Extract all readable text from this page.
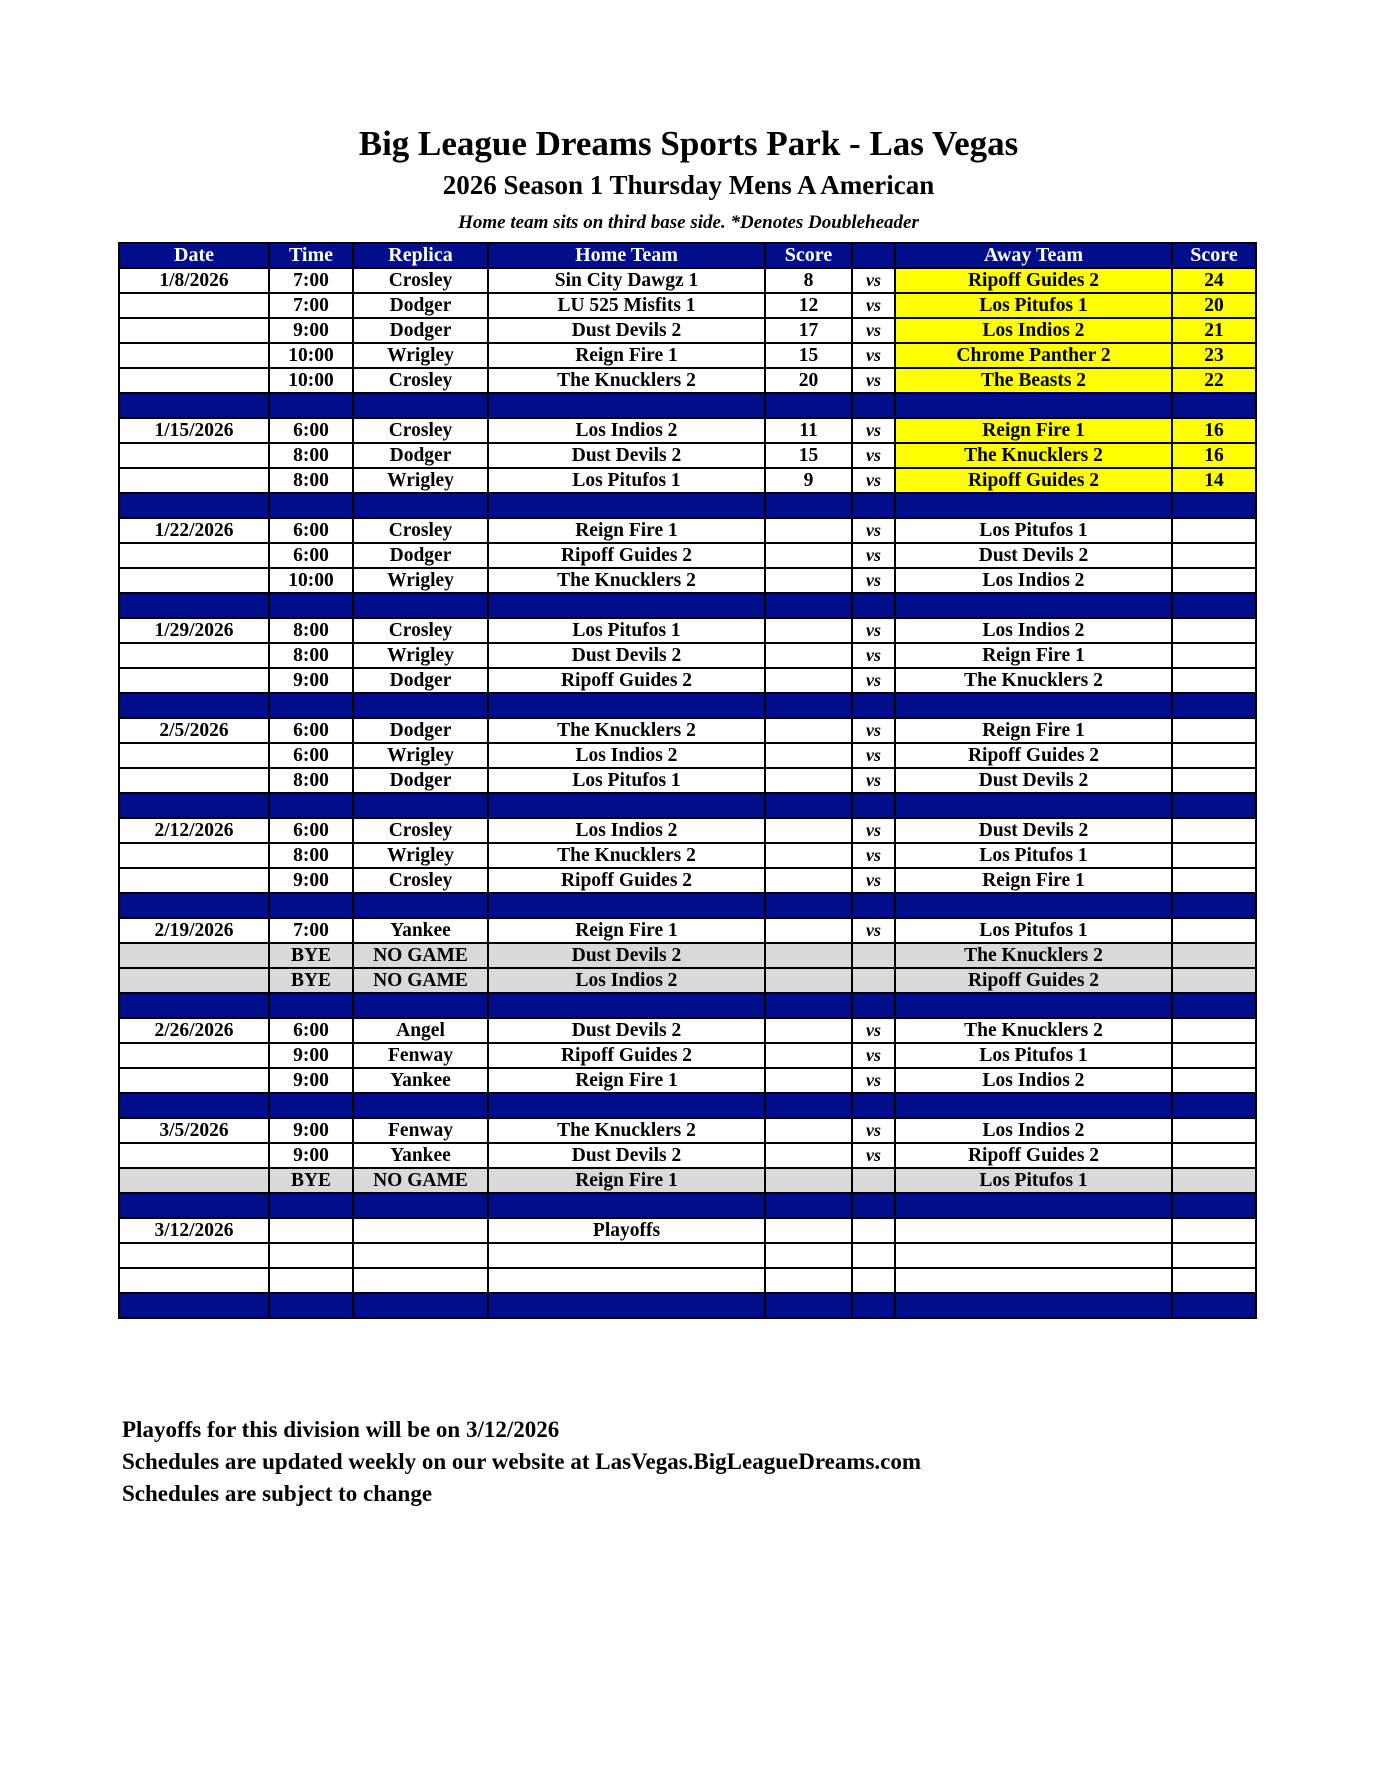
Big League Dreams Sports Park - Las Vegas
2026 Season 1 Thursday Mens A American
Home team sits on third base side. *Denotes Doubleheader
Date	Time	Replica	Home Team	Score		Away Team	Score
1/8/2026	7:00	Crosley	Sin City Dawgz 1	8	vs	Ripoff Guides 2	24
	7:00	Dodger	LU 525 Misfits 1	12	vs	Los Pitufos 1	20
	9:00	Dodger	Dust Devils 2	17	vs	Los Indios 2	21
	10:00	Wrigley	Reign Fire 1	15	vs	Chrome Panther 2	23
	10:00	Crosley	The Knucklers 2	20	vs	The Beasts 2	22

1/15/2026	6:00	Crosley	Los Indios 2	11	vs	Reign Fire 1	16
	8:00	Dodger	Dust Devils 2	15	vs	The Knucklers 2	16
	8:00	Wrigley	Los Pitufos 1	9	vs	Ripoff Guides 2	14

1/22/2026	6:00	Crosley	Reign Fire 1		vs	Los Pitufos 1	
	6:00	Dodger	Ripoff Guides 2		vs	Dust Devils 2	
	10:00	Wrigley	The Knucklers 2		vs	Los Indios 2	

1/29/2026	8:00	Crosley	Los Pitufos 1		vs	Los Indios 2	
	8:00	Wrigley	Dust Devils 2		vs	Reign Fire 1	
	9:00	Dodger	Ripoff Guides 2		vs	The Knucklers 2	

2/5/2026	6:00	Dodger	The Knucklers 2		vs	Reign Fire 1	
	6:00	Wrigley	Los Indios 2		vs	Ripoff Guides 2	
	8:00	Dodger	Los Pitufos 1		vs	Dust Devils 2	

2/12/2026	6:00	Crosley	Los Indios 2		vs	Dust Devils 2	
	8:00	Wrigley	The Knucklers 2		vs	Los Pitufos 1	
	9:00	Crosley	Ripoff Guides 2		vs	Reign Fire 1	

2/19/2026	7:00	Yankee	Reign Fire 1		vs	Los Pitufos 1	
	BYE	NO GAME	Dust Devils 2			The Knucklers 2	
	BYE	NO GAME	Los Indios 2			Ripoff Guides 2	

2/26/2026	6:00	Angel	Dust Devils 2		vs	The Knucklers 2	
	9:00	Fenway	Ripoff Guides 2		vs	Los Pitufos 1	
	9:00	Yankee	Reign Fire 1		vs	Los Indios 2	

3/5/2026	9:00	Fenway	The Knucklers 2		vs	Los Indios 2	
	9:00	Yankee	Dust Devils 2		vs	Ripoff Guides 2	
	BYE	NO GAME	Reign Fire 1			Los Pitufos 1	

3/12/2026			Playoffs				

Playoffs for this division will be on 3/12/2026
Schedules are updated weekly on our website at LasVegas.BigLeagueDreams.com
Schedules are subject to change
